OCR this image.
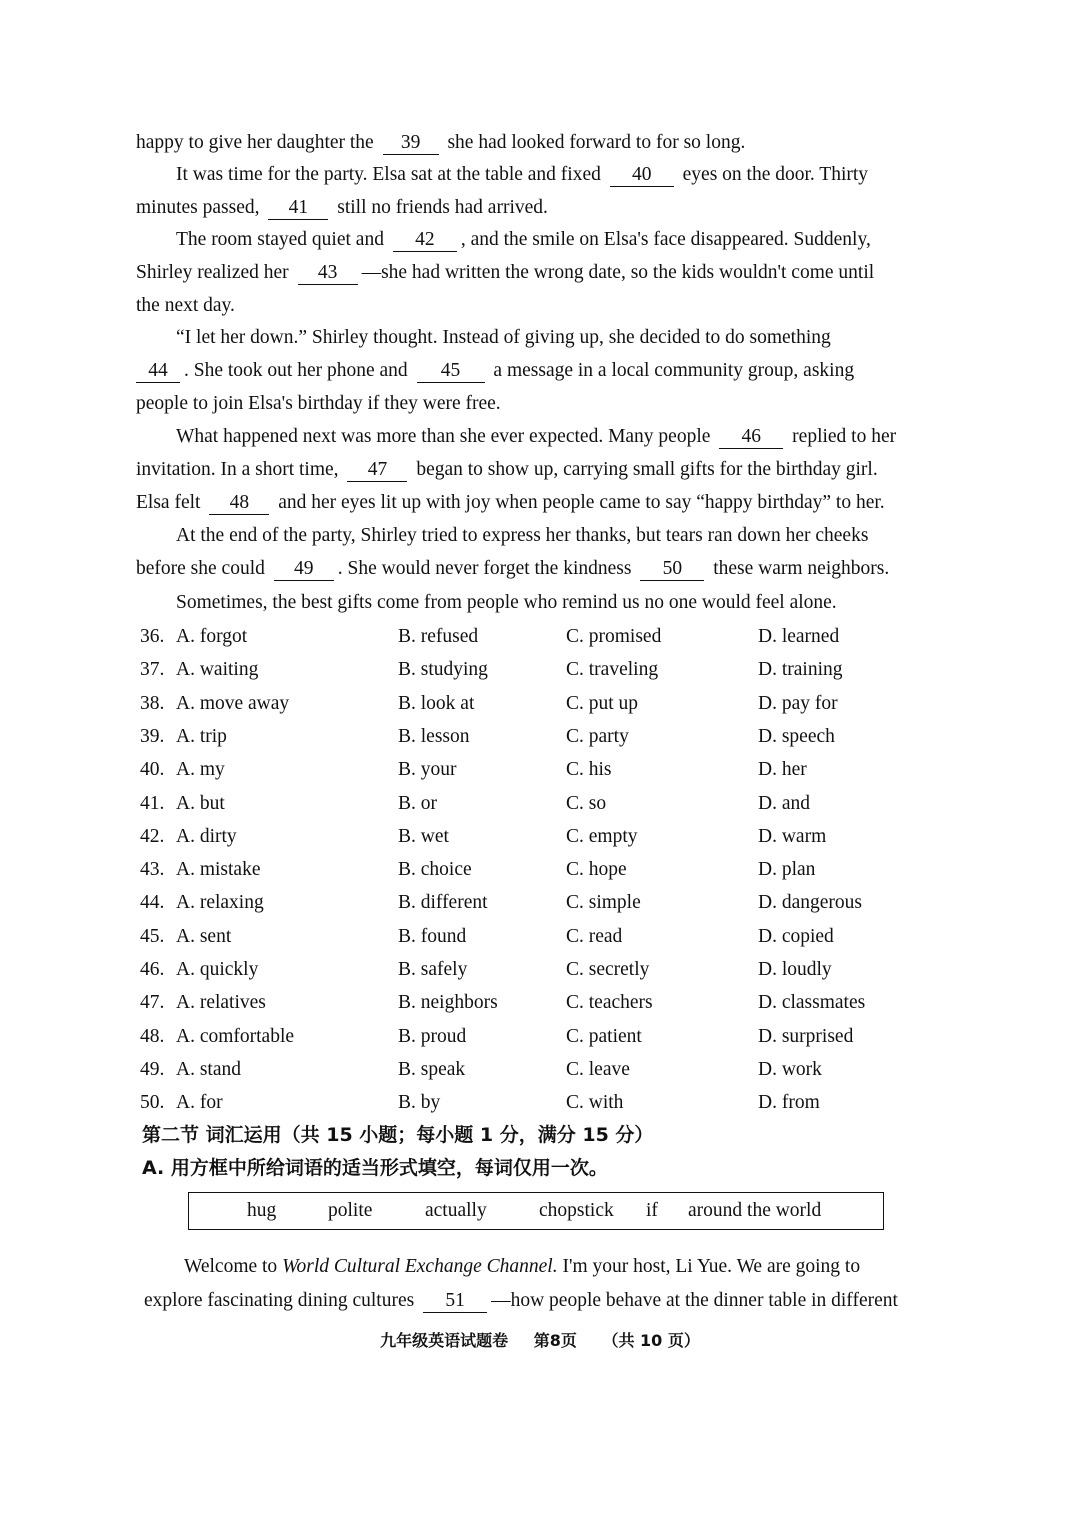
happy to give her daughter the 39 she had looked forward to for so long.
It was time for the party. Elsa sat at the table and fixed 40 eyes on the door. Thirty
minutes passed, 41 still no friends had arrived.
The room stayed quiet and 42 , and the smile on Elsa's face disappeared. Suddenly,
Shirley realized her 43 —she had written the wrong date, so the kids wouldn't come until
the next day.
“I let her down.” Shirley thought. Instead of giving up, she decided to do something
44 . She took out her phone and 45 a message in a local community group, asking
people to join Elsa's birthday if they were free.
What happened next was more than she ever expected. Many people 46 replied to her
invitation. In a short time, 47 began to show up, carrying small gifts for the birthday girl.
Elsa felt 48 and her eyes lit up with joy when people came to say “happy birthday” to her.
At the end of the party, Shirley tried to express her thanks, but tears ran down her cheeks
before she could 49 . She would never forget the kindness 50 these warm neighbors.
Sometimes, the best gifts come from people who remind us no one would feel alone.
36. A. forgot	B. refused	C. promised	D. learned
37. A. waiting	B. studying	C. traveling	D. training
38. A. move away	B. look at	C. put up	D. pay for
39. A. trip	B. lesson	C. party	D. speech
40. A. my	B. your	C. his	D. her
41. A. but	B. or	C. so	D. and
42. A. dirty	B. wet	C. empty	D. warm
43. A. mistake	B. choice	C. hope	D. plan
44. A. relaxing	B. different	C. simple	D. dangerous
45. A. sent	B. found	C. read	D. copied
46. A. quickly	B. safely	C. secretly	D. loudly
47. A. relatives	B. neighbors	C. teachers	D. classmates
48. A. comfortable	B. proud	C. patient	D. surprised
49. A. stand	B. speak	C. leave	D. work
50. A. for	B. by	C. with	D. from
第二节 词汇运用（共 15 小题；每小题 1 分，满分 15 分）
A. 用方框中所给词语的适当形式填空，每词仅用一次。
hug	polite	actually	chopstick if around the world
Welcome to World Cultural Exchange Channel. I'm your host, Li Yue. We are going to
explore fascinating dining cultures 51 —how people behave at the dinner table in different
九年级英语试题卷 第8页 （共 10 页）
